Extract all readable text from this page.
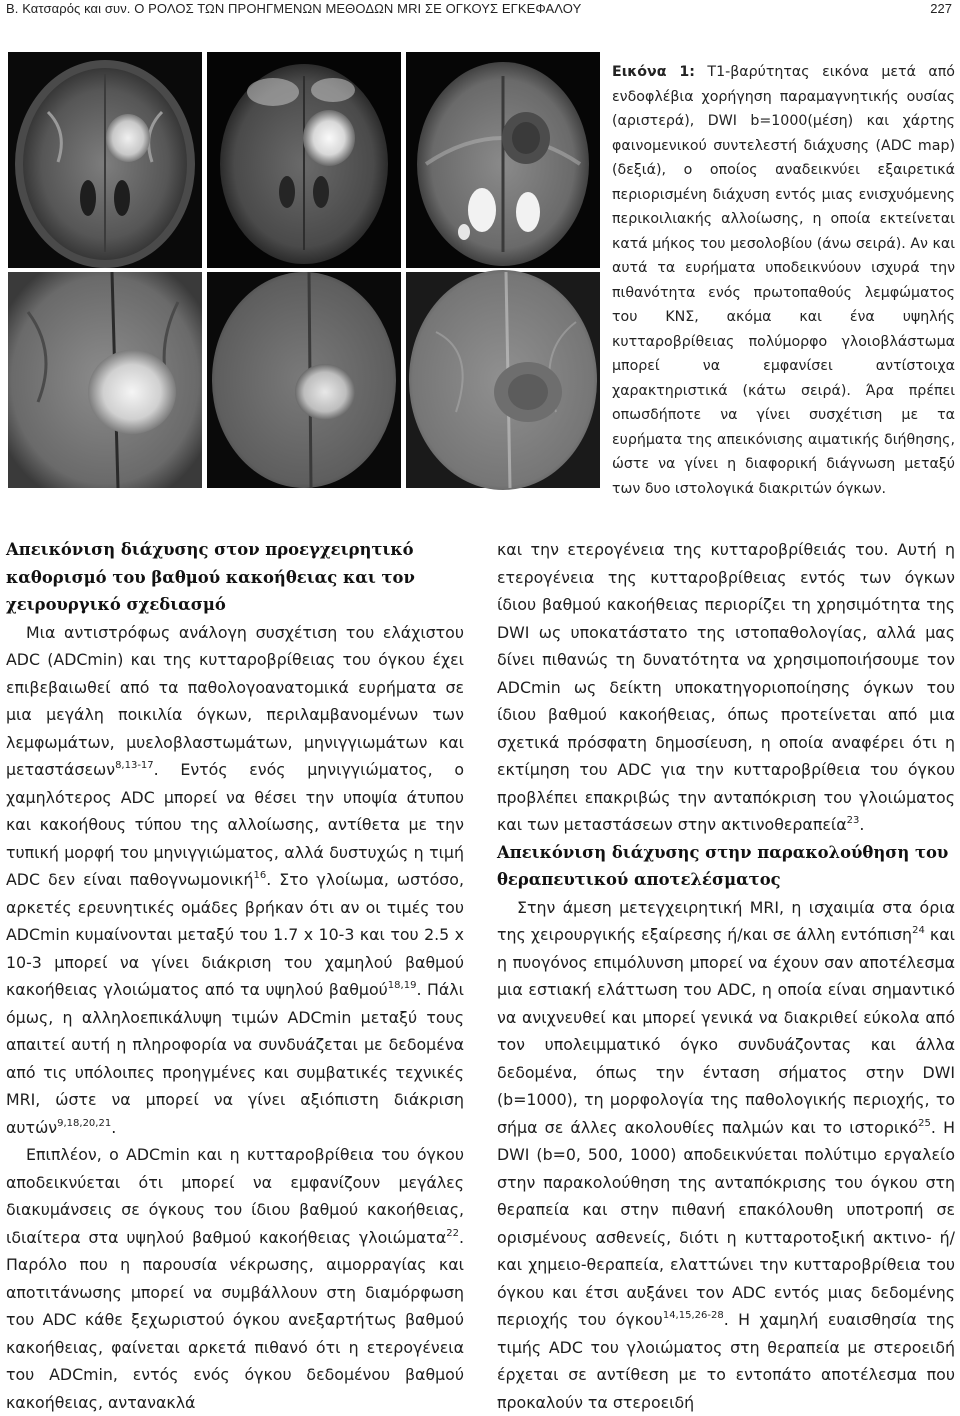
Β. Κατσαρός και συν. Ο ΡΟΛΟΣ ΤΩΝ ΠΡΟΗΓΜΕΝΩΝ ΜΕΘΟΔΩΝ MRI ΣΕ ΟΓΚΟΥΣ ΕΓΚΕΦΑΛΟΥ	227
Εικόνα 1: Τ1-βαρύτητας εικόνα μετά από ενδοφλέβια χορήγηση παραμαγνητικής ουσίας (αριστερά), DWI b=1000(μέση) και χάρτης φαινομενικού συντελεστή διάχυσης (ADC map) (δεξιά), ο οποίος αναδεικνύει εξαιρετικά περιορισμένη διάχυση εντός μιας ενισχυόμενης περικοιλιακής αλλοίωσης, η οποία εκτείνεται κατά μήκος του μεσολοβίου (άνω σειρά). Αν και αυτά τα ευρήματα υποδεικνύουν ισχυρά την πιθανότητα ενός πρωτοπαθούς λεμφώματος του ΚΝΣ, ακόμα και ένα υψηλής κυτταροβρίθειας πολύμορφο γλοιοβλάστωμα μπορεί να εμφανίσει αντίστοιχα χαρακτηριστικά (κάτω σειρά). Άρα πρέπει οπωσδήποτε να γίνει συσχέτιση με τα ευρήματα της απεικόνισης αιματικής διήθησης, ώστε να γίνει η διαφορική διάγνωση μεταξύ των δυο ιστολογικά διακριτών όγκων.
Απεικόνιση διάχυσης στον προεγχειρητικό καθορισμό του βαθμού κακοήθειας και τον χειρουργικό σχεδιασμό

Μια αντιστρόφως ανάλογη συσχέτιση του ελάχιστου ADC (ADCmin) και της κυτταροβρίθειας του όγκου έχει επιβεβαιωθεί από τα παθολογοανατομικά ευρήματα σε μια μεγάλη ποικιλία όγκων, περιλαμβανομένων των λεμφωμάτων, μυελοβλαστωμάτων, μηνιγγιωμάτων και μεταστάσεων$^{8,13-17}$. Εντός ενός μηνιγγιώματος, ο χαμηλότερος ADC μπορεί να θέσει την υποψία άτυπου και κακοήθους τύπου της αλλοίωσης, αντίθετα με την τυπική μορφή του μηνιγγιώματος, αλλά δυστυχώς η τιμή ADC δεν είναι παθογνωμονική$^{16}$. Στο γλοίωμα, ωστόσο, αρκετές ερευνητικές ομάδες βρήκαν ότι αν οι τιμές του ADCmin κυμαίνονται μεταξύ του 1.7 x 10-3 και του 2.5 x 10-3 μπορεί να γίνει διάκριση του χαμηλού βαθμού κακοήθειας γλοιώματος από τα υψηλού βαθμού$^{18,19}$. Πάλι όμως, η αλληλοεπικάλυψη τιμών ADCmin μεταξύ τους απαιτεί αυτή η πληροφορία να συνδυάζεται με δεδομένα από τις υπόλοιπες προηγμένες και συμβατικές τεχνικές MRI, ώστε να μπορεί να γίνει αξιόπιστη διάκριση αυτών$^{9,18,20,21}$.

Επιπλέον, ο ADCmin και η κυτταροβρίθεια του όγκου αποδεικνύεται ότι μπορεί να εμφανίζουν μεγάλες διακυμάνσεις σε όγκους του ίδιου βαθμού κακοήθειας, ιδιαίτερα στα υψηλού βαθμού κακοήθειας γλοιώματα$^{22}$. Παρόλο που η παρουσία νέκρωσης, αιμορραγίας και αποτιτάνωσης μπορεί να συμβάλλουν στη διαμόρφωση του ADC κάθε ξεχωριστού όγκου ανεξαρτήτως βαθμού κακοήθειας, φαίνεται αρκετά πιθανό ότι η ετερογένεια του ADCmin, εντός ενός όγκου δεδομένου βαθμού κακοήθειας, αντανακλά

και την ετερογένεια της κυτταροβρίθειάς του. Αυτή η ετερογένεια της κυτταροβρίθειας εντός των όγκων ίδιου βαθμού κακοήθειας περιορίζει τη χρησιμότητα της DWI ως υποκατάστατο της ιστοπαθολογίας, αλλά μας δίνει πιθανώς τη δυνατότητα να χρησιμοποιήσουμε τον ADCmin ως δείκτη υποκατηγοριοποίησης όγκων του ίδιου βαθμού κακοήθειας, όπως προτείνεται από μια σχετικά πρόσφατη δημοσίευση, η οποία αναφέρει ότι η εκτίμηση του ADC για την κυτταροβρίθεια του όγκου προβλέπει επακριβώς την ανταπόκριση του γλοιώματος και των μεταστάσεων στην ακτινοθεραπεία$^{23}$.

Απεικόνιση διάχυσης στην παρακολούθηση του θεραπευτικού αποτελέσματος

Στην άμεση μετεγχειρητική MRI, η ισχαιμία στα όρια της χειρουργικής εξαίρεσης ή/και σε άλλη εντόπιση$^{24}$ και η πυογόνος επιμόλυνση μπορεί να έχουν σαν αποτέλεσμα μια εστιακή ελάττωση του ADC, η οποία είναι σημαντικό να ανιχνευθεί και μπορεί γενικά να διακριθεί εύκολα από τον υπολειμματικό όγκο συνδυάζοντας και άλλα δεδομένα, όπως την ένταση σήματος στην DWI (b=1000), τη μορφολογία της παθολογικής περιοχής, το σήμα σε άλλες ακολουθίες παλμών και το ιστορικό$^{25}$. Η DWI (b=0, 500, 1000) αποδεικνύεται πολύτιμο εργαλείο στην παρακολούθηση της ανταπόκρισης του όγκου στη θεραπεία και στην πιθανή επακόλουθη υποτροπή σε ορισμένους ασθενείς, διότι η κυτταροτοξική ακτινο- ή/και χημειο-θεραπεία, ελαττώνει την κυτταροβρίθεια του όγκου και έτσι αυξάνει τον ADC εντός μιας δεδομένης περιοχής του όγκου$^{14,15,26-28}$. Η χαμηλή ευαισθησία της τιμής ADC του γλοιώματος στη θεραπεία με στεροειδή έρχεται σε αντίθεση με το εντοπάτο αποτέλεσμα που προκαλούν τα στεροειδή
